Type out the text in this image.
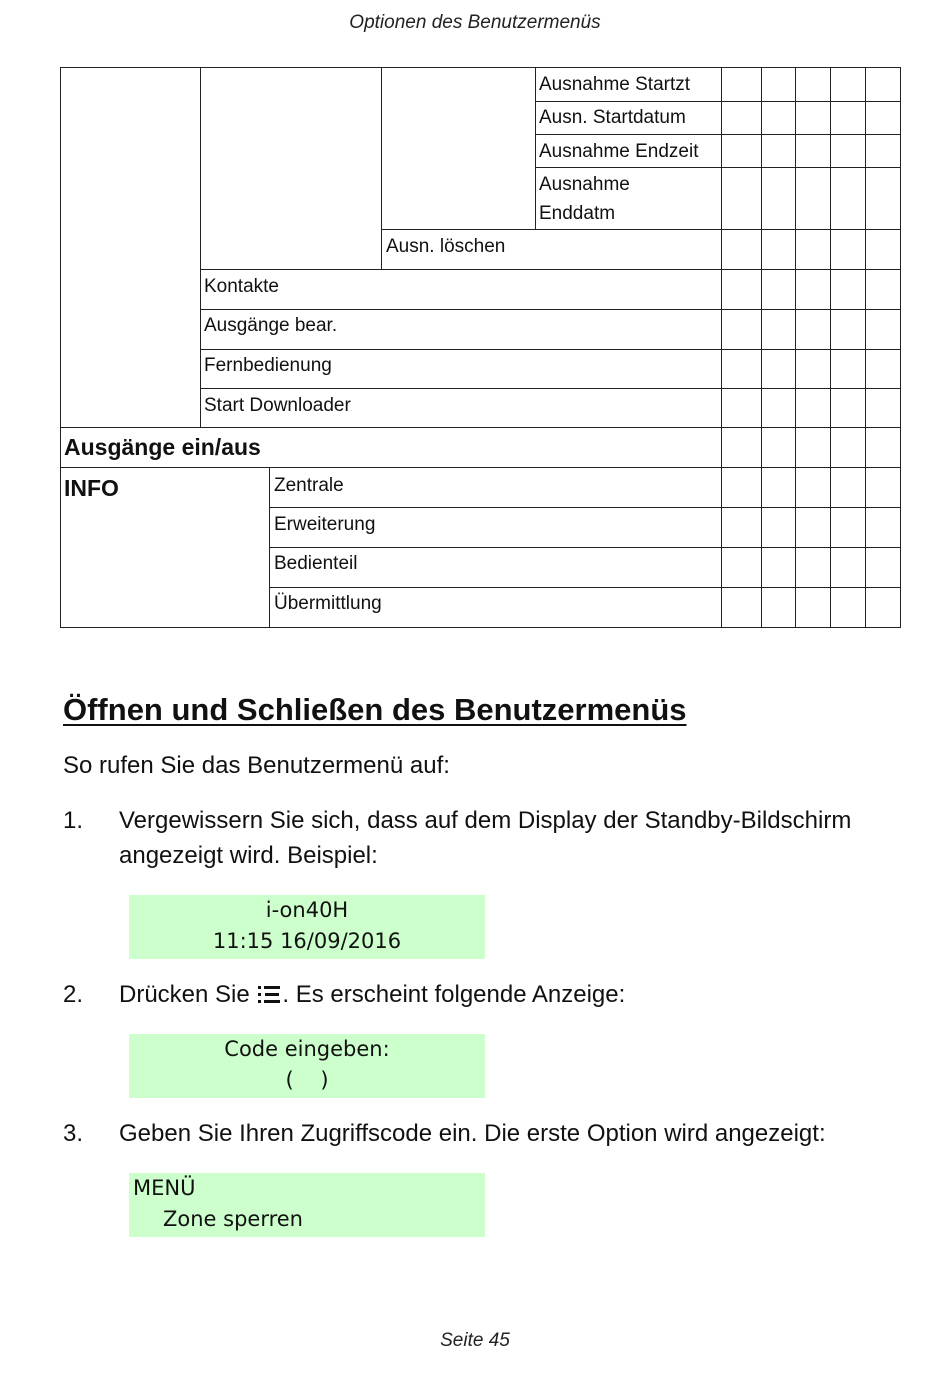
Optionen des Benutzermenüs
Ausnahme Startzt
Ausn. Startdatum
Ausnahme Endzeit
Ausnahme
Enddatm
Ausn. löschen
Kontakte
Ausgänge bear.
Fernbedienung
Start Downloader
Ausgänge ein/aus
INFO	Zentrale
Erweiterung
Bedienteil
Übermittlung
Öffnen und Schließen des Benutzermenüs
So rufen Sie das Benutzermenü auf:
1. Vergewissern Sie sich, dass auf dem Display der Standby-Bildschirm
angezeigt wird. Beispiel:
i-on40H
11:15 16/09/2016
2. Drücken Sie . Es erscheint folgende Anzeige:
Code eingeben:
(    )
3. Geben Sie Ihren Zugriffscode ein. Die erste Option wird angezeigt:
MENÜ
Zone sperren
Seite 45
